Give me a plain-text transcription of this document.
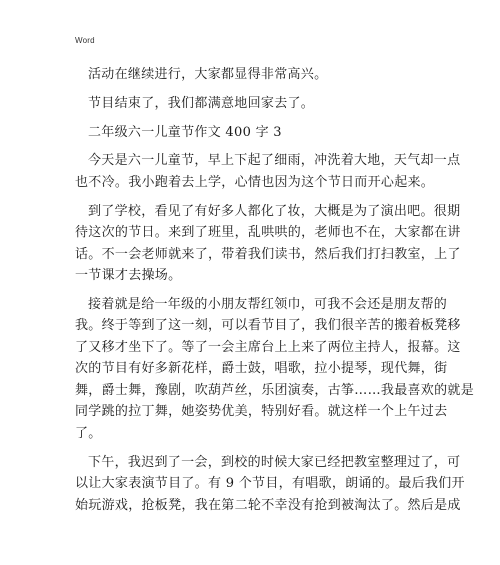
Word
活动在继续进行，大家都显得非常高兴。
节目结束了，我们都满意地回家去了。
二年级六一儿童节作文 400 字 3
今天是六一儿童节，早上下起了细雨，冲洗着大地，天气却一点
也不冷。我小跑着去上学，心情也因为这个节日而开心起来。
到了学校，看见了有好多人都化了妆，大概是为了演出吧。很期
待这次的节日。来到了班里，乱哄哄的，老师也不在，大家都在讲
话。不一会老师就来了，带着我们读书，然后我们打扫教室，上了
一节课才去操场。
接着就是给一年级的小朋友帮红领巾，可我不会还是朋友帮的
我。终于等到了这一刻，可以看节目了，我们很辛苦的搬着板凳移
了又移才坐下了。等了一会主席台上上来了两位主持人，报幕。这
次的节目有好多新花样，爵士鼓，唱歌，拉小提琴，现代舞，街
舞，爵士舞，豫剧，吹葫芦丝，乐团演奏，古筝……我最喜欢的就是
同学跳的拉丁舞，她姿势优美，特别好看。就这样一个上午过去
了。
下午，我迟到了一会，到校的时候大家已经把教室整理过了，可
以让大家表演节目了。有 9 个节目，有唱歌，朗诵的。最后我们开
始玩游戏，抢板凳，我在第二轮不幸没有抢到被淘汰了。然后是成
